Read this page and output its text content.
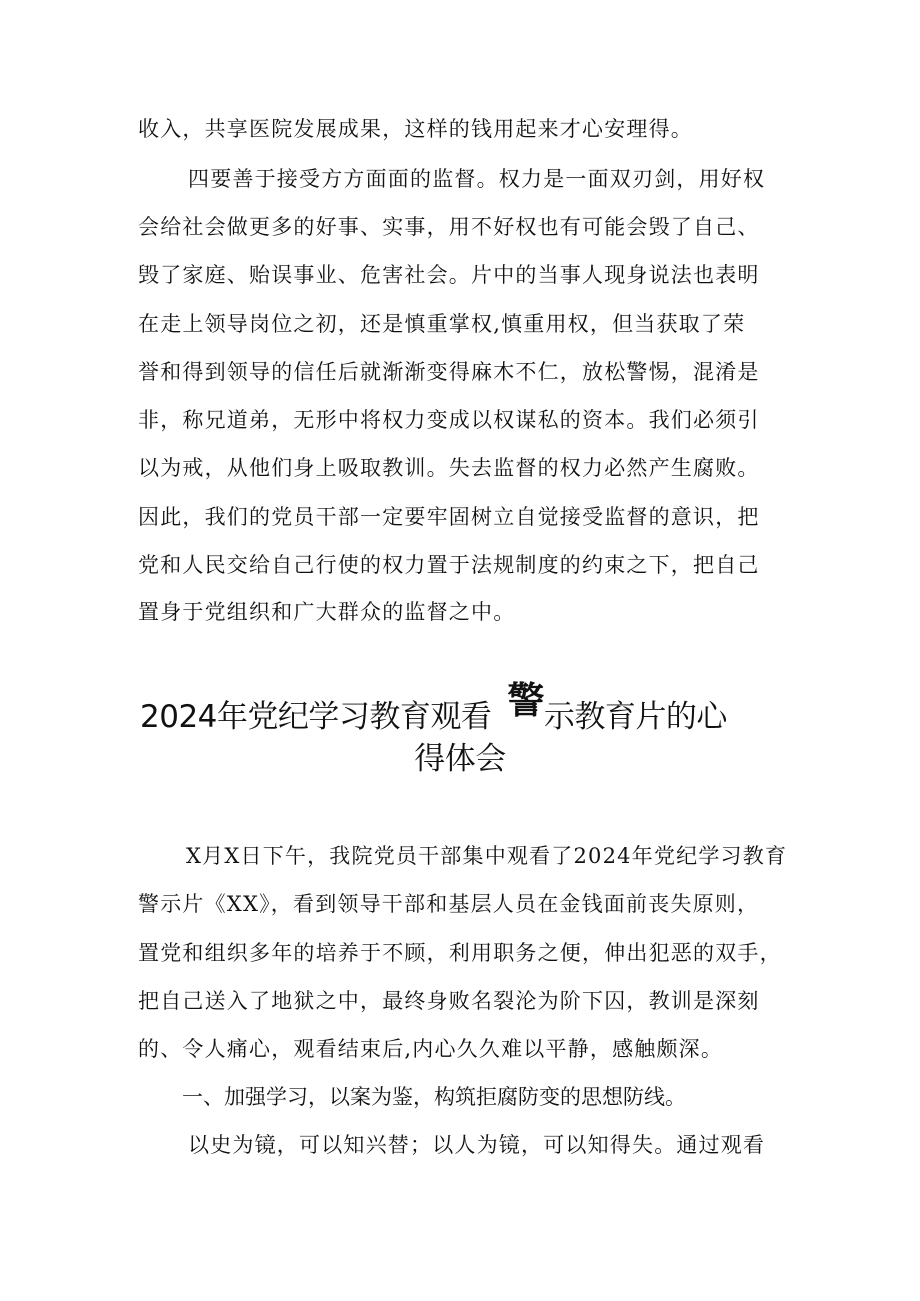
收入，共享医院发展成果，这样的钱用起来才心安理得。
四要善于接受方方面面的监督。权力是一面双刃剑，用好权
会给社会做更多的好事、实事，用不好权也有可能会毁了自己、
毁了家庭、贻误事业、危害社会。片中的当事人现身说法也表明
在走上领导岗位之初，还是慎重掌权,慎重用权，但当获取了荣
誉和得到领导的信任后就渐渐变得麻木不仁，放松警惕，混淆是
非，称兄道弟，无形中将权力变成以权谋私的资本。我们必须引
以为戒，从他们身上吸取教训。失去监督的权力必然产生腐败。
因此，我们的党员干部一定要牢固树立自觉接受监督的意识，把
党和人民交给自己行使的权力置于法规制度的约束之下，把自己
置身于党组织和广大群众的监督之中。
2024年党纪学习教育观看 警示教育片的心
得体会
X月X日下午，我院党员干部集中观看了2024年党纪学习教育
警示片《XX》，看到领导干部和基层人员在金钱面前丧失原则，
置党和组织多年的培养于不顾，利用职务之便，伸出犯恶的双手，
把自己送入了地狱之中，最终身败名裂沦为阶下囚，教训是深刻
的、令人痛心，观看结束后,内心久久难以平静，感触颇深。
一、加强学习，以案为鉴，构筑拒腐防变的思想防线。
以史为镜，可以知兴替；以人为镜，可以知得失。通过观看
